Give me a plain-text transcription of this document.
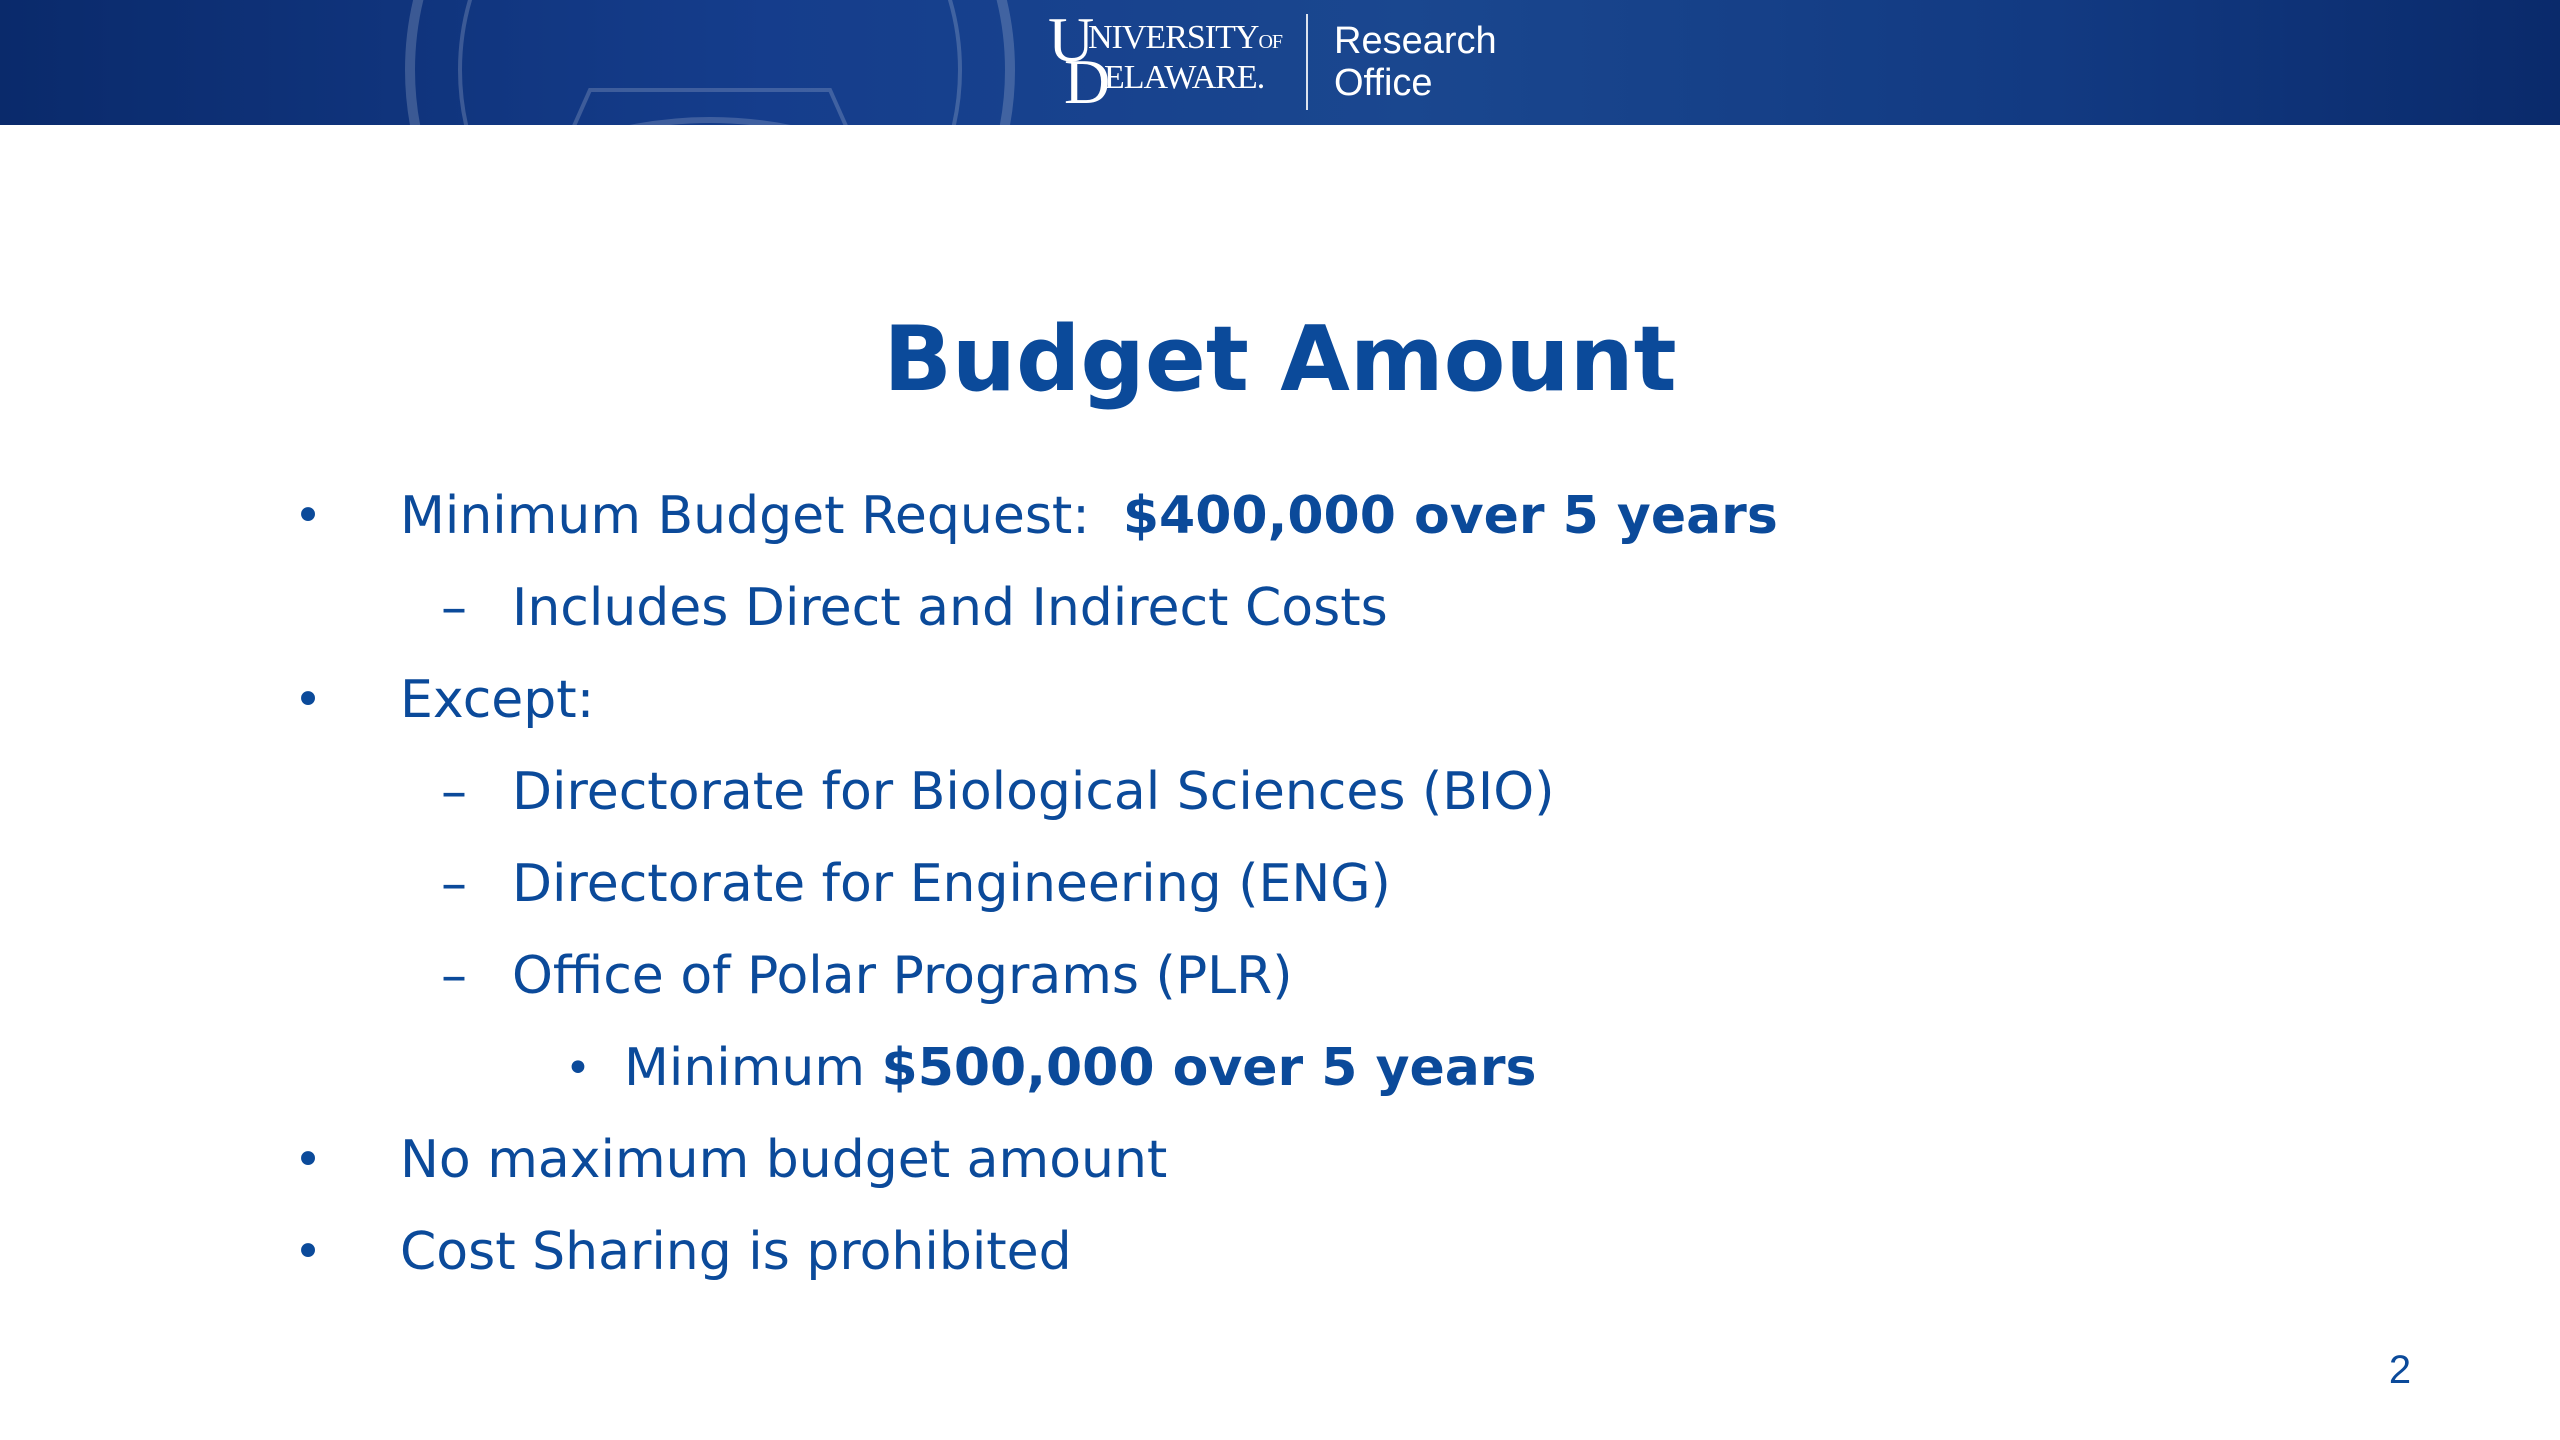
GRAMM METAPH
U
NIVERSITYOF
D
ELAWARE.
Research
Office
Budget Amount
• Minimum Budget Request: $400,000 over 5 years
– Includes Direct and Indirect Costs
• Except:
– Directorate for Biological Sciences (BIO)
– Directorate for Engineering (ENG)
– Office of Polar Programs (PLR)
• Minimum $500,000 over 5 years
• No maximum budget amount
• Cost Sharing is prohibited
2
